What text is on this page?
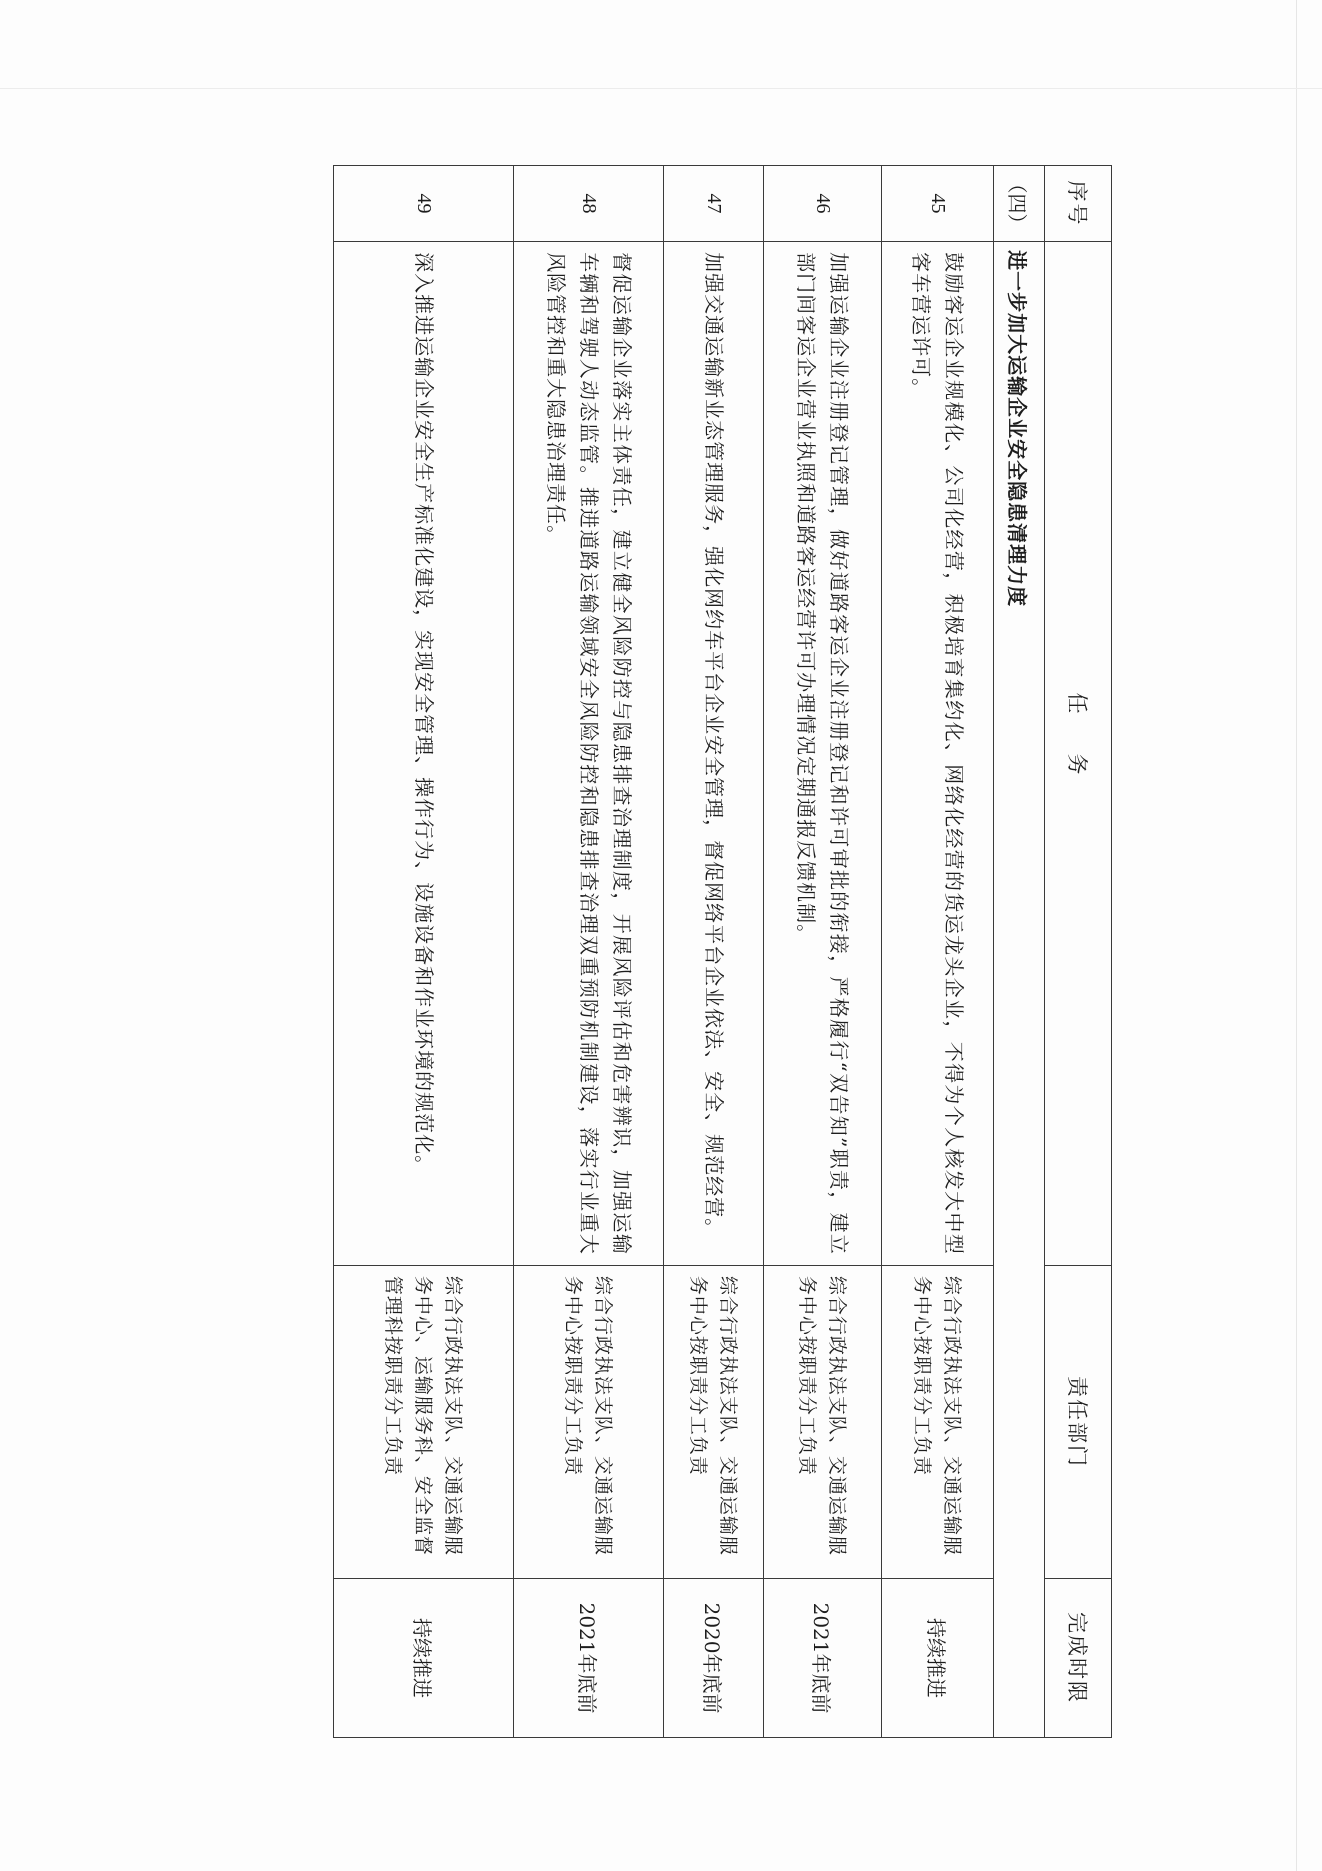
序号	任务	责任部门	完成时限
（四）	进一步加大运输企业安全隐患清理力度		
45	鼓励客运企业规模化、公司化经营，积极培育集约化、网络化经营的货运龙头企业，不得为个人核发大中型客车营运许可。	综合行政执法支队、交通运输服务中心按职责分工负责	持续推进
46	加强运输企业注册登记管理，做好道路客运企业注册登记和许可审批的衔接，严格履行“双告知”职责，建立部门间客运企业营业执照和道路客运经营许可办理情况定期通报反馈机制。	综合行政执法支队、交通运输服务中心按职责分工负责	2021年底前
47	加强交通运输新业态管理服务，强化网约车平台企业安全管理，督促网络平台企业依法、安全、规范经营。	综合行政执法支队、交通运输服务中心按职责分工负责	2020年底前
48	督促运输企业落实主体责任，建立健全风险防控与隐患排查治理制度，开展风险评估和危害辨识，加强运输车辆和驾驶人动态监管。推进道路运输领域安全风险防控和隐患排查治理双重预防机制建设，落实行业重大风险管控和重大隐患治理责任。	综合行政执法支队、交通运输服务中心按职责分工负责	2021年底前
49	深入推进运输企业安全生产标准化建设，实现安全管理、操作行为、设施设备和作业环境的规范化。	综合行政执法支队、交通运输服务中心、运输服务科、安全监督管理科按职责分工负责	持续推进
